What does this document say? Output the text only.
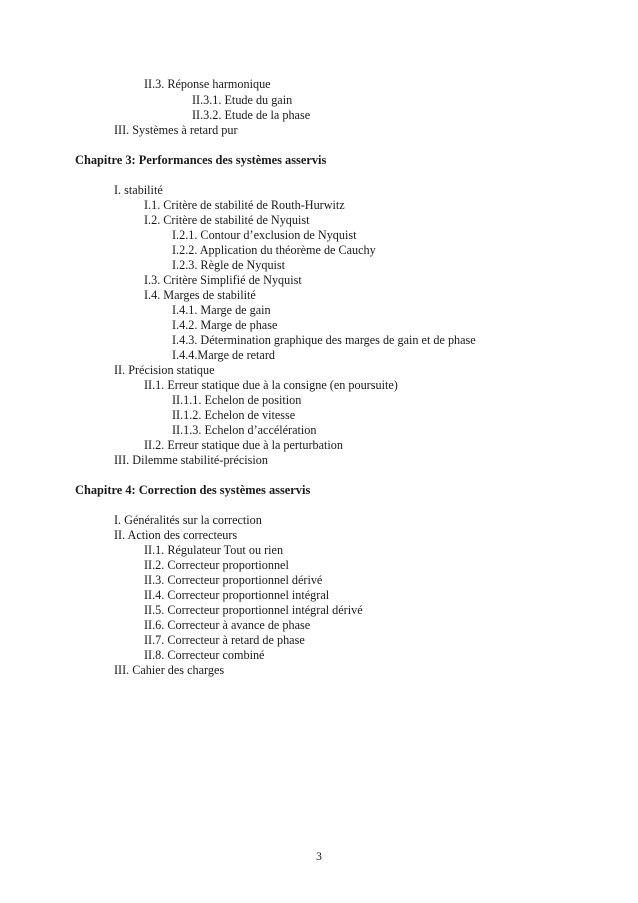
II.3. Réponse harmonique
II.3.1. Etude du gain
II.3.2. Etude de la phase
III. Systèmes à retard pur
Chapitre 3: Performances des systèmes asservis
I. stabilité
I.1. Critère de stabilité de Routh-Hurwitz
I.2. Critère de stabilité de Nyquist
I.2.1. Contour d’exclusion de Nyquist
I.2.2. Application du théorème de Cauchy
I.2.3. Règle de Nyquist
I.3. Critère Simplifié de Nyquist
I.4. Marges de stabilité
I.4.1. Marge de gain
I.4.2. Marge de phase
I.4.3. Détermination graphique des marges de gain et de phase
I.4.4.Marge de retard
II. Précision statique
II.1. Erreur statique due à la consigne (en poursuite)
II.1.1. Echelon de position
II.1.2. Echelon de vitesse
II.1.3. Echelon d’accélération
II.2. Erreur statique due à la perturbation
III. Dilemme stabilité-précision
Chapitre 4: Correction des systèmes asservis
I. Généralités sur la correction
II. Action des correcteurs
II.1. Régulateur Tout ou rien
II.2. Correcteur proportionnel
II.3. Correcteur proportionnel dérivé
II.4. Correcteur proportionnel intégral
II.5. Correcteur proportionnel intégral dérivé
II.6. Correcteur à avance de phase
II.7. Correcteur à retard de phase
II.8. Correcteur combiné
III. Cahier des charges
3
